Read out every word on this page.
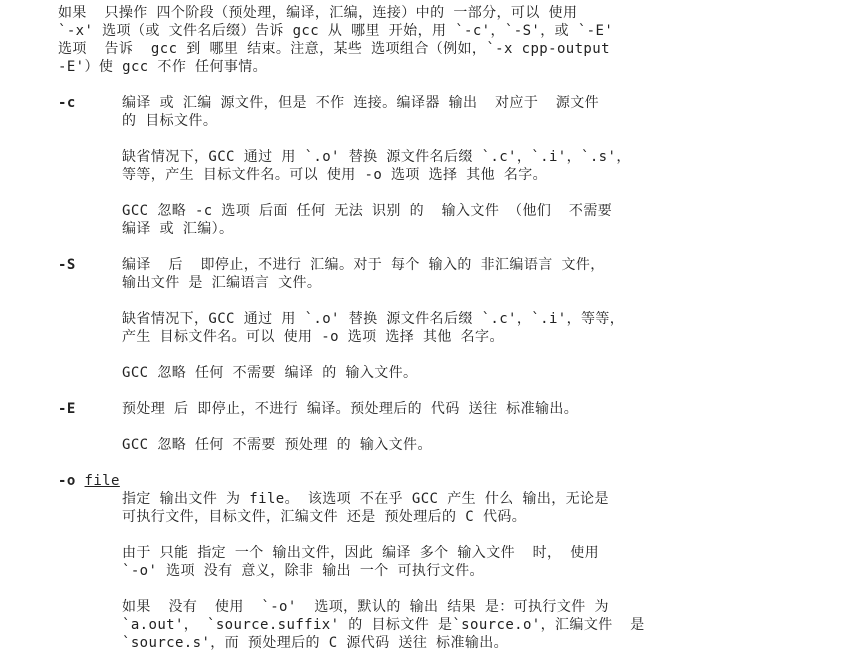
如果  只操作 四个阶段（预处理，编译，汇编，连接）中的 一部分，可以 使用
`-x' 选项（或 文件名后缀）告诉 gcc 从 哪里 开始，用 `-c'，`-S'，或 `-E'
选项  告诉  gcc 到 哪里 结束。注意，某些 选项组合（例如，`-x cpp-output
-E'）使 gcc 不作 任何事情。
-c	编译 或 汇编 源文件，但是 不作 连接。编译器 输出  对应于  源文件
的 目标文件。
缺省情况下，GCC 通过 用 `.o' 替换 源文件名后缀 `.c'，`.i'，`.s'，
等等，产生 目标文件名。可以 使用 -o 选项 选择 其他 名字。
GCC 忽略 -c 选项 后面 任何 无法 识别 的  输入文件 （他们  不需要
编译 或 汇编）。
-S	编译  后  即停止，不进行 汇编。对于 每个 输入的 非汇编语言 文件，
输出文件 是 汇编语言 文件。
缺省情况下，GCC 通过 用 `.o' 替换 源文件名后缀 `.c'，`.i'，等等，
产生 目标文件名。可以 使用 -o 选项 选择 其他 名字。
GCC 忽略 任何 不需要 编译 的 输入文件。
-E	预处理 后 即停止，不进行 编译。预处理后的 代码 送往 标准输出。
GCC 忽略 任何 不需要 预处理 的 输入文件。
-o file
指定 输出文件 为 file。 该选项 不在乎 GCC 产生 什么 输出，无论是
可执行文件，目标文件，汇编文件 还是 预处理后的 C 代码。
由于 只能 指定 一个 输出文件，因此 编译 多个 输入文件  时， 使用
`-o' 选项 没有 意义，除非 输出 一个 可执行文件。
如果  没有  使用  `-o'  选项，默认的 输出 结果 是：可执行文件 为
`a.out'， `source.suffix' 的 目标文件 是`source.o'，汇编文件  是
`source.s'，而 预处理后的 C 源代码 送往 标准输出。
